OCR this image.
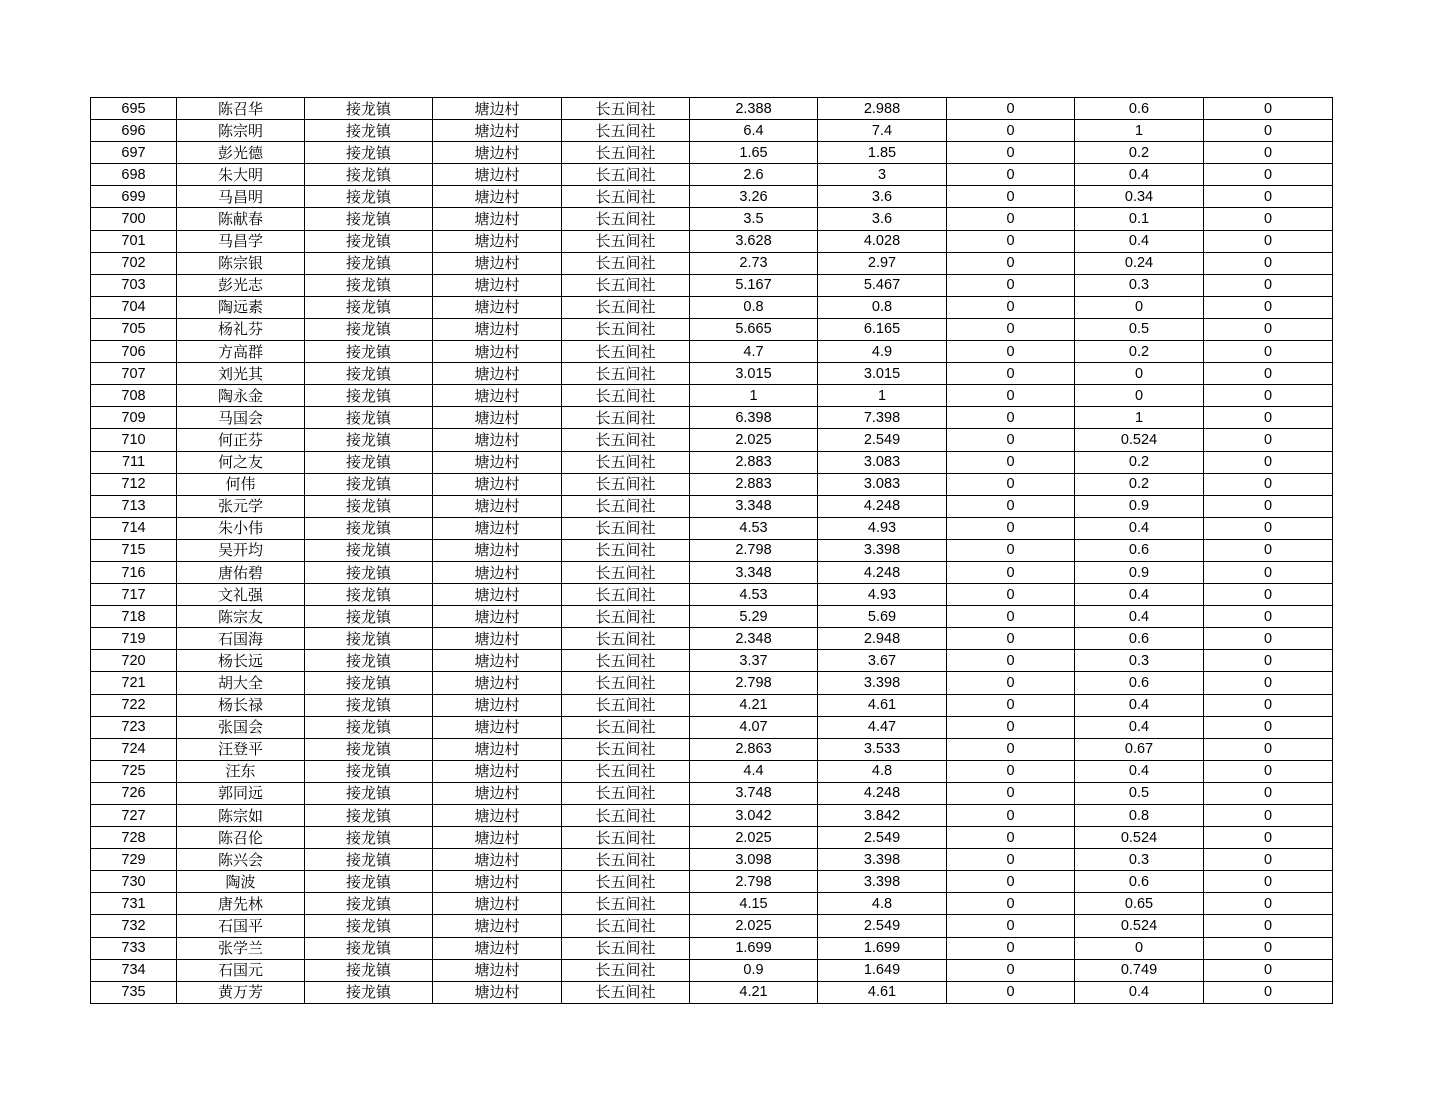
695	陈召华	接龙镇	塘边村	长五间社	2.388	2.988	0	0.6	0
696	陈宗明	接龙镇	塘边村	长五间社	6.4	7.4	0	1	0
697	彭光德	接龙镇	塘边村	长五间社	1.65	1.85	0	0.2	0
698	朱大明	接龙镇	塘边村	长五间社	2.6	3	0	0.4	0
699	马昌明	接龙镇	塘边村	长五间社	3.26	3.6	0	0.34	0
700	陈献春	接龙镇	塘边村	长五间社	3.5	3.6	0	0.1	0
701	马昌学	接龙镇	塘边村	长五间社	3.628	4.028	0	0.4	0
702	陈宗银	接龙镇	塘边村	长五间社	2.73	2.97	0	0.24	0
703	彭光志	接龙镇	塘边村	长五间社	5.167	5.467	0	0.3	0
704	陶远素	接龙镇	塘边村	长五间社	0.8	0.8	0	0	0
705	杨礼芬	接龙镇	塘边村	长五间社	5.665	6.165	0	0.5	0
706	方高群	接龙镇	塘边村	长五间社	4.7	4.9	0	0.2	0
707	刘光其	接龙镇	塘边村	长五间社	3.015	3.015	0	0	0
708	陶永金	接龙镇	塘边村	长五间社	1	1	0	0	0
709	马国会	接龙镇	塘边村	长五间社	6.398	7.398	0	1	0
710	何正芬	接龙镇	塘边村	长五间社	2.025	2.549	0	0.524	0
711	何之友	接龙镇	塘边村	长五间社	2.883	3.083	0	0.2	0
712	何伟	接龙镇	塘边村	长五间社	2.883	3.083	0	0.2	0
713	张元学	接龙镇	塘边村	长五间社	3.348	4.248	0	0.9	0
714	朱小伟	接龙镇	塘边村	长五间社	4.53	4.93	0	0.4	0
715	吴开均	接龙镇	塘边村	长五间社	2.798	3.398	0	0.6	0
716	唐佑碧	接龙镇	塘边村	长五间社	3.348	4.248	0	0.9	0
717	文礼强	接龙镇	塘边村	长五间社	4.53	4.93	0	0.4	0
718	陈宗友	接龙镇	塘边村	长五间社	5.29	5.69	0	0.4	0
719	石国海	接龙镇	塘边村	长五间社	2.348	2.948	0	0.6	0
720	杨长远	接龙镇	塘边村	长五间社	3.37	3.67	0	0.3	0
721	胡大全	接龙镇	塘边村	长五间社	2.798	3.398	0	0.6	0
722	杨长禄	接龙镇	塘边村	长五间社	4.21	4.61	0	0.4	0
723	张国会	接龙镇	塘边村	长五间社	4.07	4.47	0	0.4	0
724	汪登平	接龙镇	塘边村	长五间社	2.863	3.533	0	0.67	0
725	汪东	接龙镇	塘边村	长五间社	4.4	4.8	0	0.4	0
726	郭同远	接龙镇	塘边村	长五间社	3.748	4.248	0	0.5	0
727	陈宗如	接龙镇	塘边村	长五间社	3.042	3.842	0	0.8	0
728	陈召伦	接龙镇	塘边村	长五间社	2.025	2.549	0	0.524	0
729	陈兴会	接龙镇	塘边村	长五间社	3.098	3.398	0	0.3	0
730	陶波	接龙镇	塘边村	长五间社	2.798	3.398	0	0.6	0
731	唐先林	接龙镇	塘边村	长五间社	4.15	4.8	0	0.65	0
732	石国平	接龙镇	塘边村	长五间社	2.025	2.549	0	0.524	0
733	张学兰	接龙镇	塘边村	长五间社	1.699	1.699	0	0	0
734	石国元	接龙镇	塘边村	长五间社	0.9	1.649	0	0.749	0
735	黄万芳	接龙镇	塘边村	长五间社	4.21	4.61	0	0.4	0
